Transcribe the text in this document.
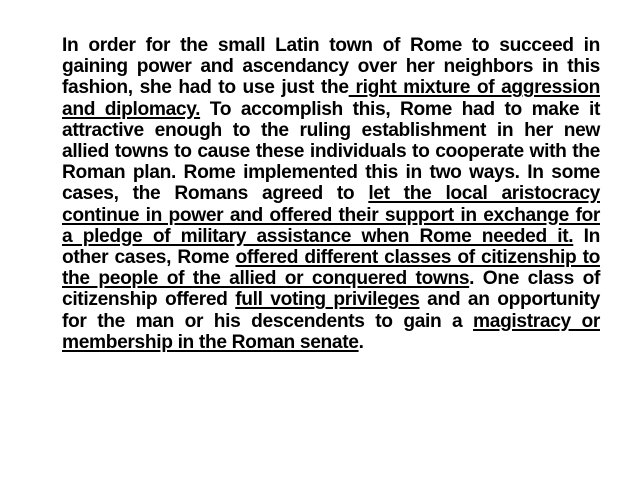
In order for the small Latin town of Rome to succeed in gaining power and ascendancy over her neighbors in this fashion, she had to use just the right mixture of aggression and diplomacy. To accomplish this, Rome had to make it attractive enough to the ruling establishment in her new allied towns to cause these individuals to cooperate with the Roman plan. Rome implemented this in two ways. In some cases, the Romans agreed to let the local aristocracy continue in power and offered their support in exchange for a pledge of military assistance when Rome needed it. In other cases, Rome offered different classes of citizenship to the people of the allied or conquered towns. One class of citizenship offered full voting privileges and an opportunity for the man or his descendents to gain a magistracy or membership in the Roman senate.
